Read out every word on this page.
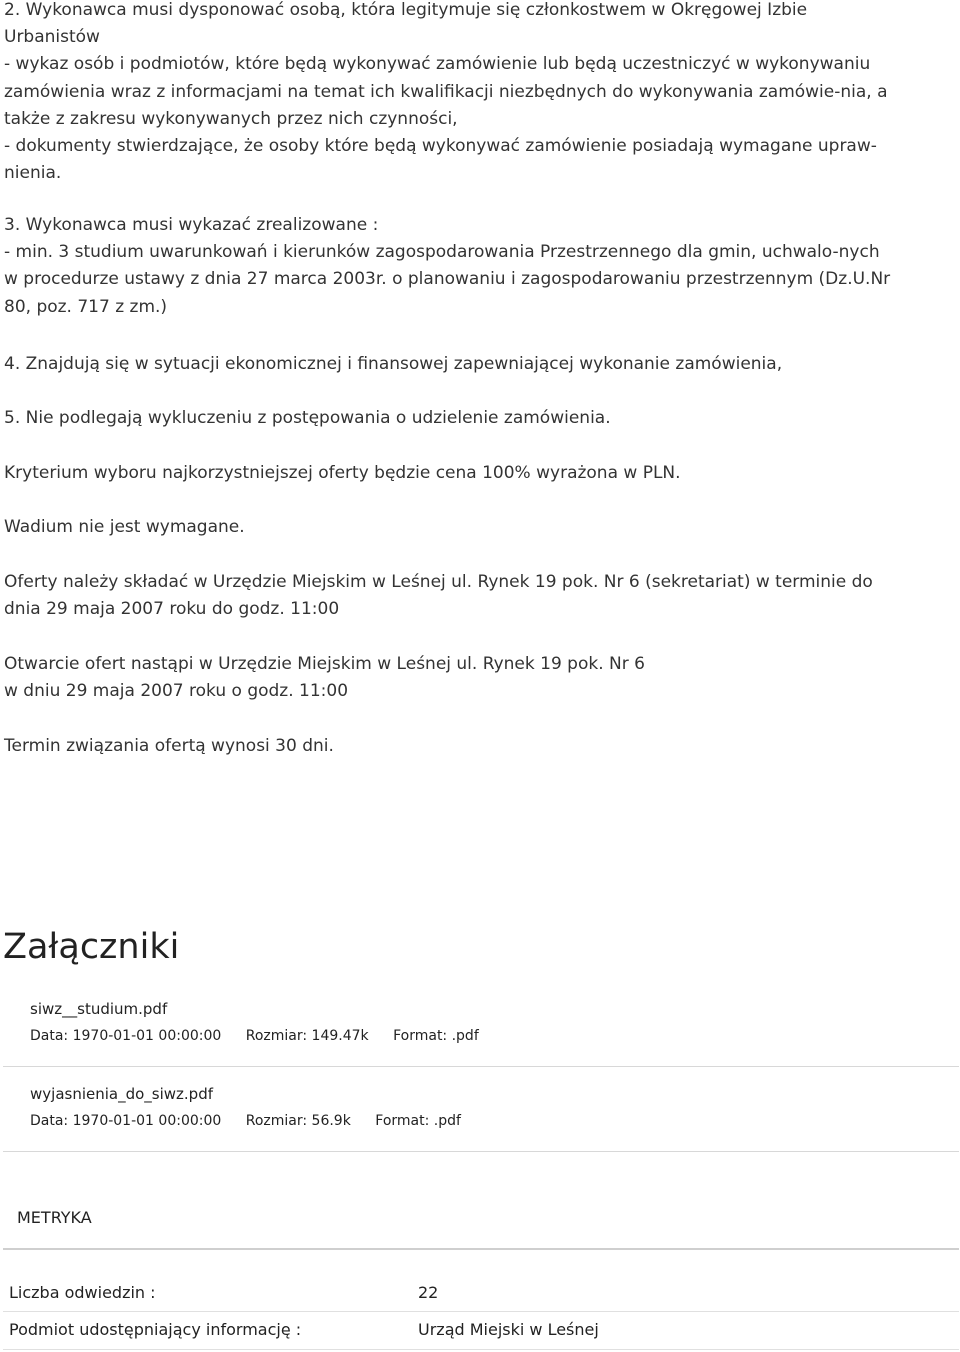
2. Wykonawca musi dysponować osobą, która legitymuje się członkostwem w Okręgowej Izbie
Urbanistów
- wykaz osób i podmiotów, które będą wykonywać zamówienie lub będą uczestniczyć w wykonywaniu
zamówienia wraz z informacjami na temat ich kwalifikacji niezbędnych do wykonywania zamówie-nia, a
także z zakresu wykonywanych przez nich czynności,
- dokumenty stwierdzające, że osoby które będą wykonywać zamówienie posiadają wymagane upraw-
nienia.
3. Wykonawca musi wykazać zrealizowane :
- min. 3 studium uwarunkowań i kierunków zagospodarowania Przestrzennego dla gmin, uchwalo-nych
w procedurze ustawy z dnia 27 marca 2003r. o planowaniu i zagospodarowaniu przestrzennym (Dz.U.Nr
80, poz. 717 z zm.)

4. Znajdują się w sytuacji ekonomicznej i finansowej zapewniającej wykonanie zamówienia,

5. Nie podlegają wykluczeniu z postępowania o udzielenie zamówienia.

Kryterium wyboru najkorzystniejszej oferty będzie cena 100% wyrażona w PLN.

Wadium nie jest wymagane.

Oferty należy składać w Urzędzie Miejskim w Leśnej ul. Rynek 19 pok. Nr 6 (sekretariat) w terminie do
dnia 29 maja 2007 roku do godz. 11:00
Otwarcie ofert nastąpi w Urzędzie Miejskim w Leśnej ul. Rynek 19 pok. Nr 6
w dniu 29 maja 2007 roku o godz. 11:00

Termin związania ofertą wynosi 30 dni.

Załączniki
siwz__studium.pdf
Data: 1970-01-01 00:00:00 Rozmiar: 149.47k Format: .pdf
wyjasnienia_do_siwz.pdf
Data: 1970-01-01 00:00:00 Rozmiar: 56.9k Format: .pdf
METRYKA
Liczba odwiedzin :	22
Podmiot udostępniający informację :	Urząd Miejski w Leśnej
